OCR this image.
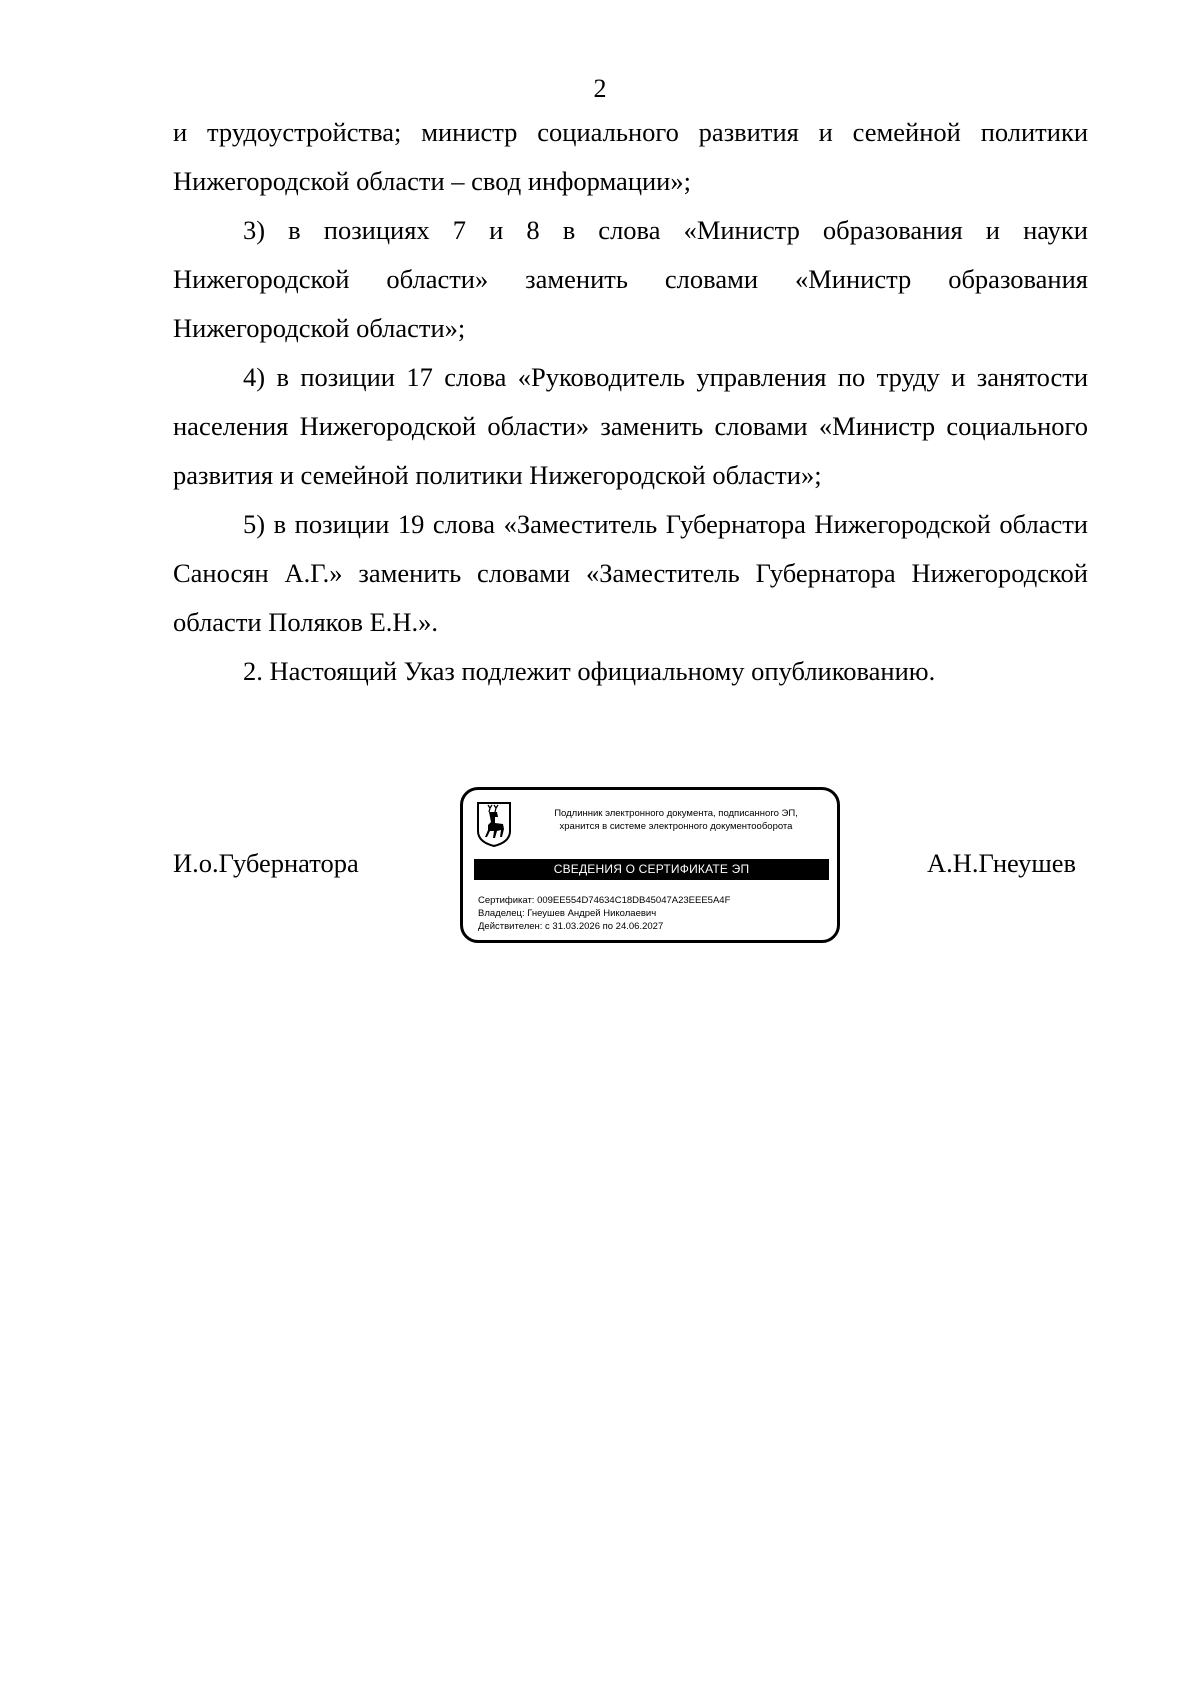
2

и трудоустройства; министр социального развития и семейной политики Нижегородской области – свод информации»;

3) в позициях 7 и 8 в слова «Министр образования и науки Нижегородской области» заменить словами «Министр образования Нижегородской области»;

4) в позиции 17 слова «Руководитель управления по труду и занятости населения Нижегородской области» заменить словами «Министр социального развития и семейной политики Нижегородской области»;

5) в позиции 19 слова «Заместитель Губернатора Нижегородской области Саносян А.Г.» заменить словами «Заместитель Губернатора Нижегородской области Поляков Е.Н.».

2. Настоящий Указ подлежит официальному опубликованию.

И.о.Губернатора
Подлинник электронного документа, подписанного ЭП,
хранится в системе электронного документооборота
СВЕДЕНИЯ О СЕРТИФИКАТЕ ЭП
Сертификат: 009EE554D74634C18DB45047A23EEE5A4F
Владелец: Гнеушев Андрей Николаевич
Действителен: с 31.03.2026 по 24.06.2027
А.Н.Гнеушев
